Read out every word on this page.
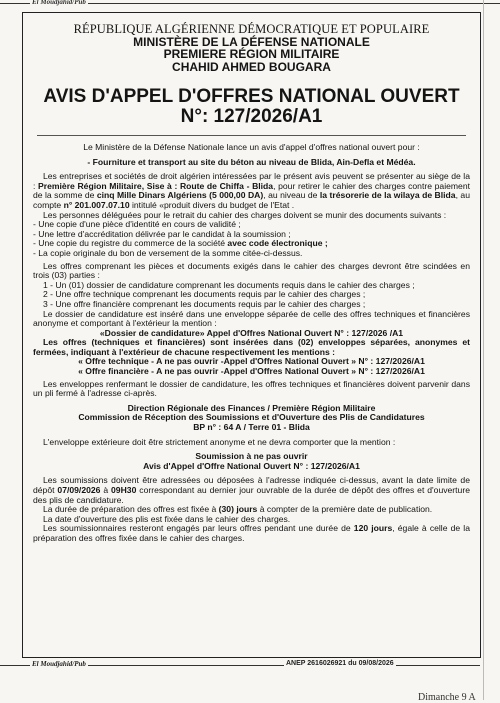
El Moudjahid/Pub
RÉPUBLIQUE ALGÉRIENNE DÉMOCRATIQUE ET POPULAIRE
MINISTÈRE DE LA DÉFENSE NATIONALE
PREMIERE RÉGION MILITAIRE
CHAHID AHMED BOUGARA
AVIS D'APPEL D'OFFRES NATIONAL OUVERT
N°: 127/2026/A1

Le Ministère de la Défense Nationale lance un avis d'appel d'offres national ouvert pour :

- Fourniture et transport au site du béton au niveau de Blida, Ain-Defla et Médéa.

Les entreprises et sociétés de droit algérien intéressées par le présent avis peuvent se présenter au siège de la : Première Région Militaire, Sise à : Route de Chiffa - Blida, pour retirer le cahier des charges contre paiement de la somme de cinq Mille Dinars Algériens (5 000,00 DA), au niveau de la trésorerie de la wilaya de Blida, au compte n° 201.007.07.10 intitulé «produit divers du budget de l'Etat .

Les personnes déléguées pour le retrait du cahier des charges doivent se munir des documents suivants :

- Une copie d'une pièce d'identité en cours de validité ;

- Une lettre d'accréditation délivrée par le candidat à la soumission ;

- Une copie du registre du commerce de la société avec code électronique ;

- La copie originale du bon de versement de la somme citée-ci-dessus.

Les offres comprenant les pièces et documents exigés dans le cahier des charges devront être scindées en trois (03) parties :

1 - Un (01) dossier de candidature comprenant les documents requis dans le cahier des charges ;

2 - Une offre technique comprenant les documents requis par le cahier des charges ;

3 - Une offre financière comprenant les documents requis par le cahier des charges ;

Le dossier de candidature est inséré dans une enveloppe séparée de celle des offres techniques et financières anonyme et comportant à l'extérieur la mention :

«Dossier de candidature» Appel d'Offres National Ouvert N° : 127/2026 /A1

Les offres (techniques et financières) sont insérées dans (02) enveloppes séparées, anonymes et fermées, indiquant à l'extérieur de chacune respectivement les mentions :

« Offre technique - A ne pas ouvrir -Appel d'Offres National Ouvert » N° : 127/2026/A1

« Offre financière - A ne pas ouvrir -Appel d'Offres National Ouvert » N° : 127/2026/A1

Les enveloppes renfermant le dossier de candidature, les offres techniques et financières doivent parvenir dans un pli fermé à l'adresse ci-après.

Direction Régionale des Finances / Première Région Militaire

Commission de Réception des Soumissions et d'Ouverture des Plis de Candidatures

BP n° : 64 A / Terre 01 - Blida

L'enveloppe extérieure doit être strictement anonyme et ne devra comporter que la mention :

Soumission à ne pas ouvrir

Avis d'Appel d'Offre National Ouvert N° : 127/2026/A1

Les soumissions doivent être adressées ou déposées à l'adresse indiquée ci-dessus, avant la date limite de dépôt 07/09/2026 à 09H30 correspondant au dernier jour ouvrable de la durée de dépôt des offres et d'ouverture des plis de candidature.

La durée de préparation des offres est fixée à (30) jours à compter de la première date de publication.

La date d'ouverture des plis est fixée dans le cahier des charges.

Les soumissionnaires resteront engagés par leurs offres pendant une durée de 120 jours, égale à celle de la préparation des offres fixée dans le cahier des charges.

El Moudjahid/Pub	ANEP 2616026921 du 09/08/2026
Dimanche 9 A
